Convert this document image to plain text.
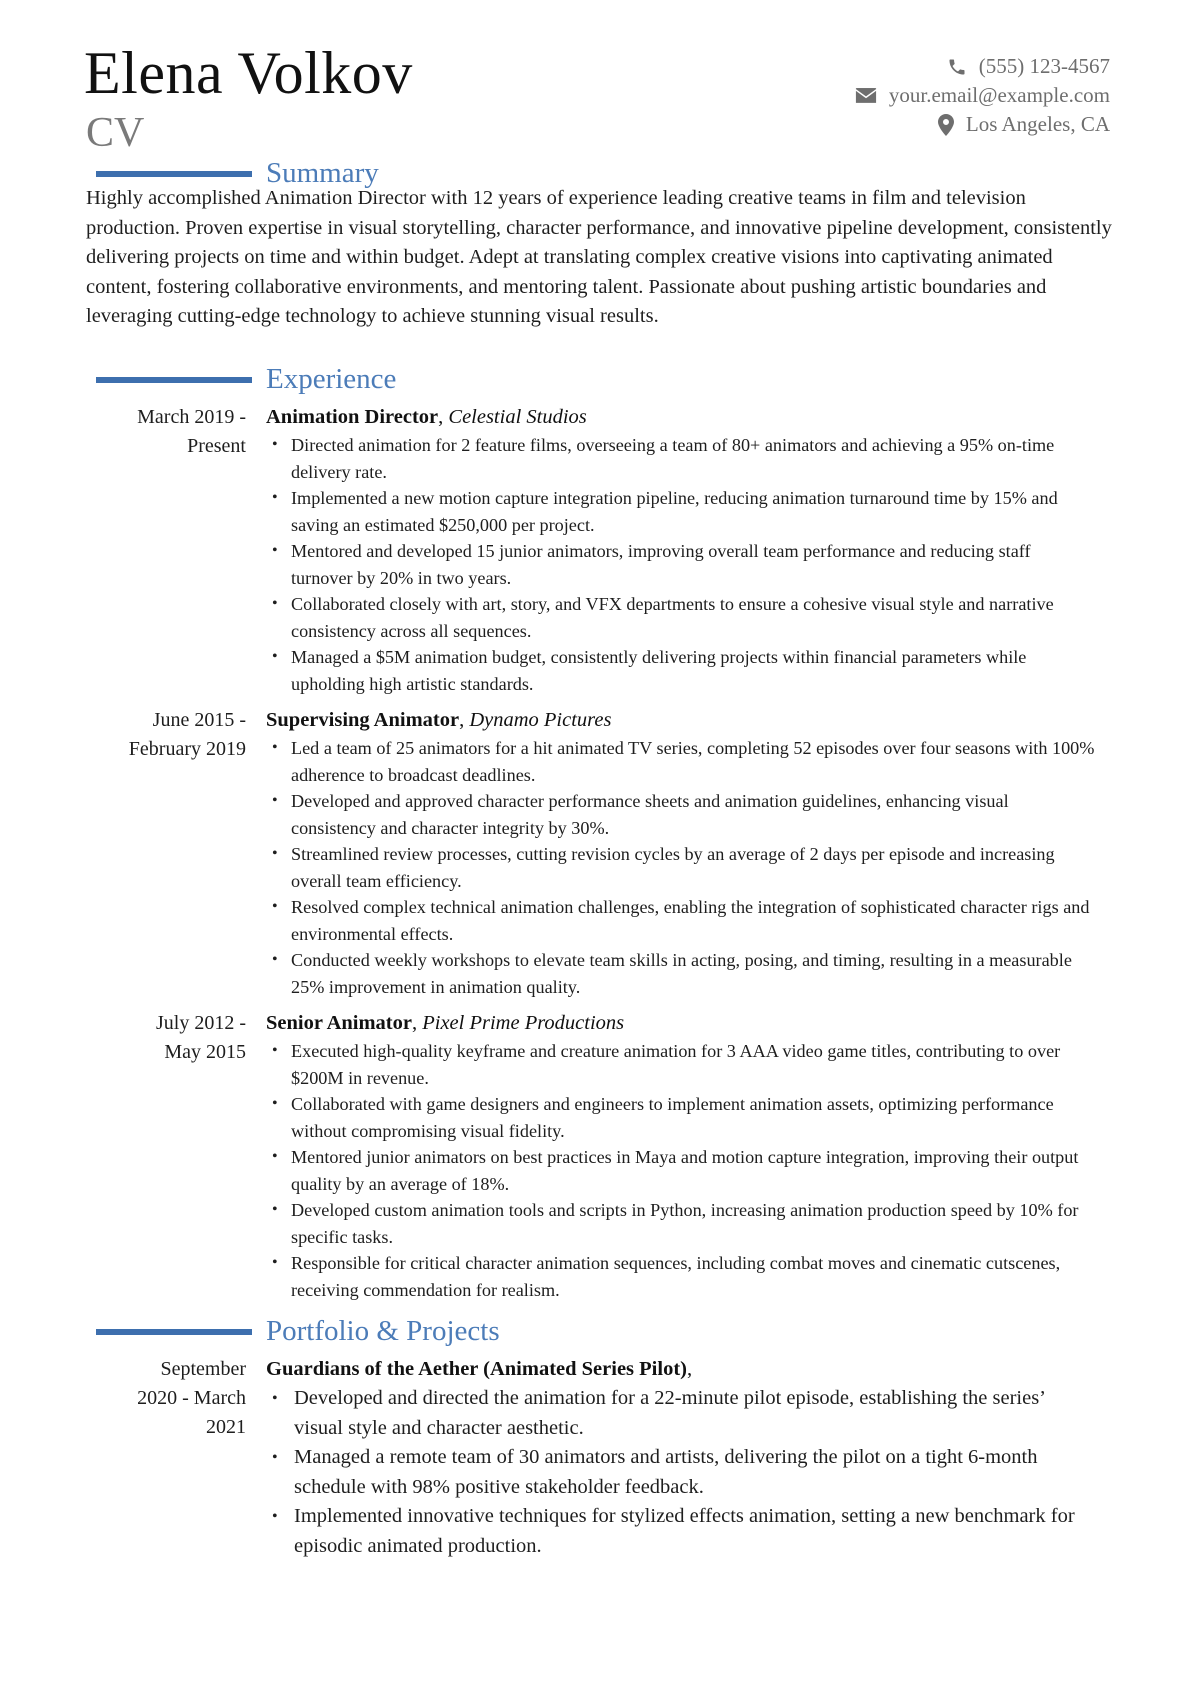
Elena Volkov
CV
(555) 123-4567
your.email@example.com
Los Angeles, CA
Summary

Highly accomplished Animation Director with 12 years of experience leading creative teams in film and television production. Proven expertise in visual storytelling, character performance, and innovative pipeline development, consistently delivering projects on time and within budget. Adept at translating complex creative visions into captivating animated content, fostering collaborative environments, and mentoring talent. Passionate about pushing artistic boundaries and leveraging cutting-edge technology to achieve stunning visual results.

Experience
March 2019 -
Present
Animation Director, Celestial Studios
• Directed animation for 2 feature films, overseeing a team of 80+ animators and achieving a 95% on-time delivery rate.
• Implemented a new motion capture integration pipeline, reducing animation turnaround time by 15% and saving an estimated $250,000 per project.
• Mentored and developed 15 junior animators, improving overall team performance and reducing staff turnover by 20% in two years.
• Collaborated closely with art, story, and VFX departments to ensure a cohesive visual style and narrative consistency across all sequences.
• Managed a $5M animation budget, consistently delivering projects within financial parameters while upholding high artistic standards.
June 2015 -
February 2019
Supervising Animator, Dynamo Pictures
• Led a team of 25 animators for a hit animated TV series, completing 52 episodes over four seasons with 100% adherence to broadcast deadlines.
• Developed and approved character performance sheets and animation guidelines, enhancing visual consistency and character integrity by 30%.
• Streamlined review processes, cutting revision cycles by an average of 2 days per episode and increasing overall team efficiency.
• Resolved complex technical animation challenges, enabling the integration of sophisticated character rigs and environmental effects.
• Conducted weekly workshops to elevate team skills in acting, posing, and timing, resulting in a measurable 25% improvement in animation quality.
July 2012 -
May 2015
Senior Animator, Pixel Prime Productions
• Executed high-quality keyframe and creature animation for 3 AAA video game titles, contributing to over $200M in revenue.
• Collaborated with game designers and engineers to implement animation assets, optimizing performance without compromising visual fidelity.
• Mentored junior animators on best practices in Maya and motion capture integration, improving their output quality by an average of 18%.
• Developed custom animation tools and scripts in Python, increasing animation production speed by 10% for specific tasks.
• Responsible for critical character animation sequences, including combat moves and cinematic cutscenes, receiving commendation for realism.
Portfolio & Projects
September
2020 - March
2021
Guardians of the Aether (Animated Series Pilot),
• Developed and directed the animation for a 22-minute pilot episode, establishing the series’ visual style and character aesthetic.
• Managed a remote team of 30 animators and artists, delivering the pilot on a tight 6-month schedule with 98% positive stakeholder feedback.
• Implemented innovative techniques for stylized effects animation, setting a new benchmark for episodic animated production.
